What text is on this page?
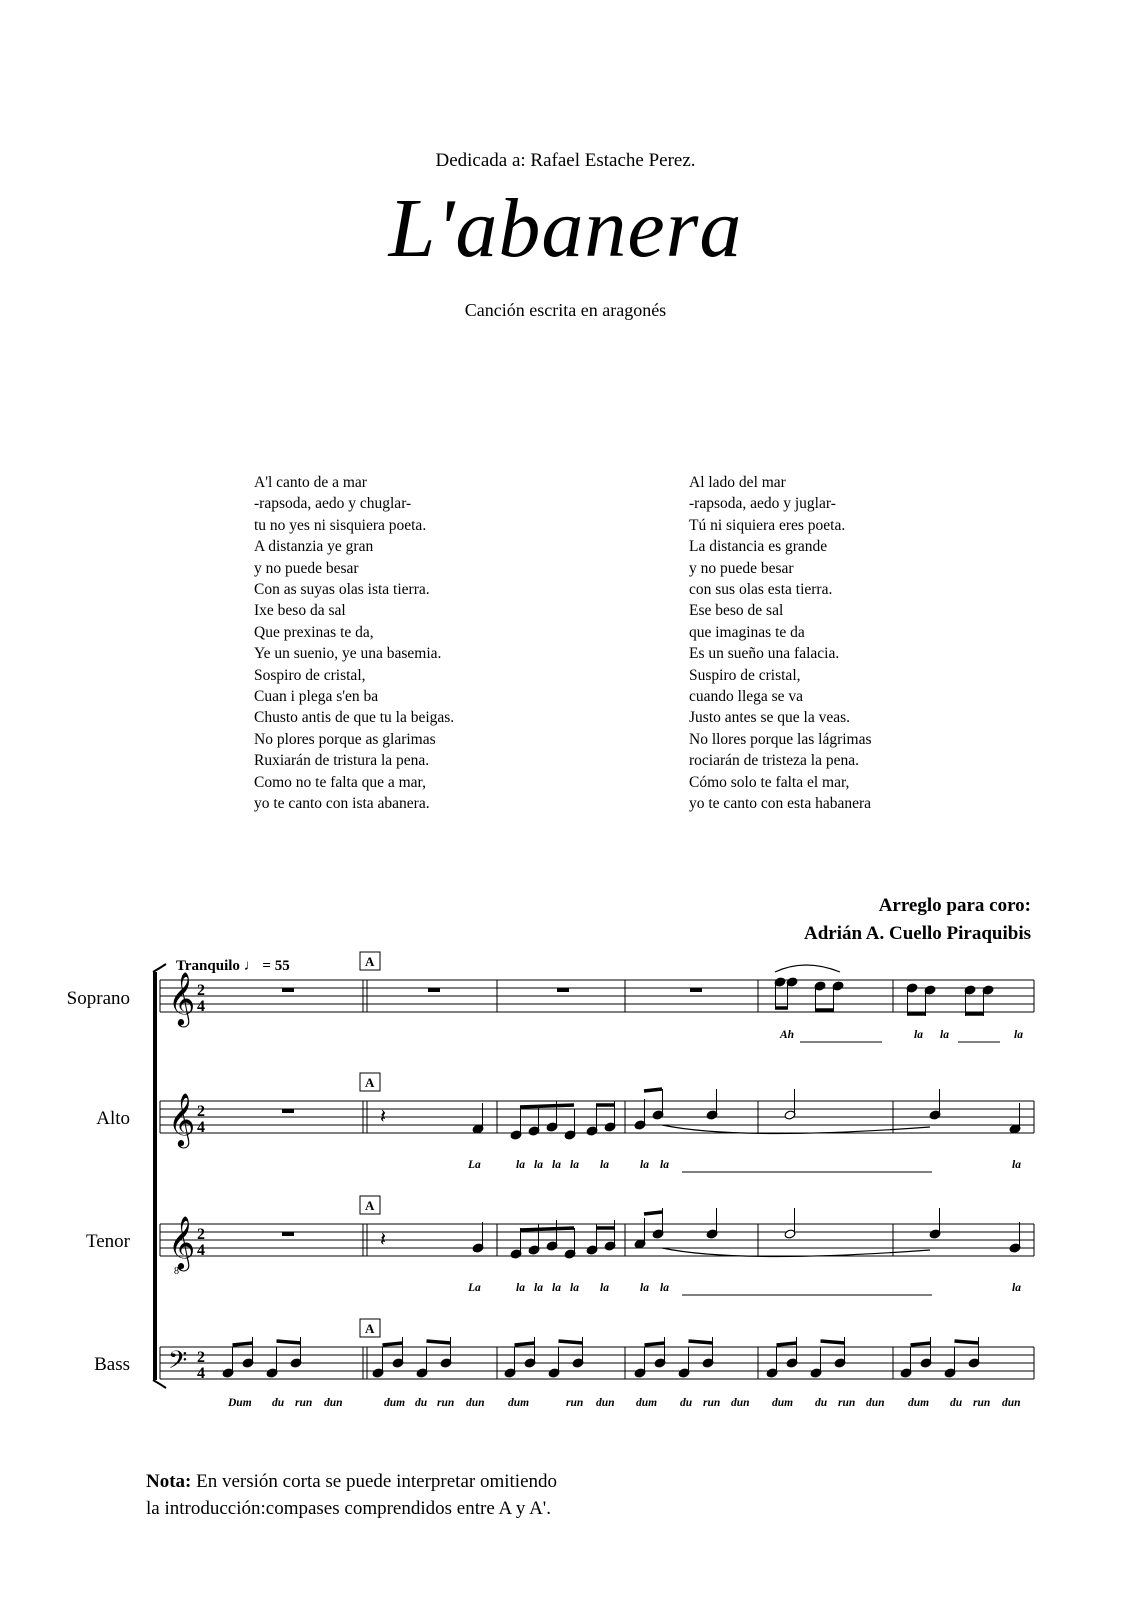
Dedicada a: Rafael Estache Perez.
L'abanera
Canción escrita en aragonés
A'l canto de a mar
-rapsoda, aedo y chuglar-
tu no yes ni sisquiera poeta.
A distanzia ye gran
y no puede besar
Con as suyas olas ista tierra.
Ixe beso da sal
Que prexinas te da,
Ye un suenio, ye una basemia.
Sospiro de cristal,
Cuan i plega s'en ba
Chusto antis de que tu la beigas.
No plores porque as glarimas
Ruxiarán de tristura la pena.
Como no te falta que a mar,
yo te canto con ista abanera.
Al lado del mar
-rapsoda, aedo y juglar-
Tú ni siquiera eres poeta.
La distancia es grande
y no puede besar
con sus olas esta tierra.
Ese beso de sal
que imaginas te da
Es un sueño una falacia.
Suspiro de cristal,
cuando llega se va
Justo antes se que la veas.
No llores porque las lágrimas
rociarán de tristeza la pena.
Cómo solo te falta el mar,
yo te canto con esta habanera
Arreglo para coro:
Adrián A. Cuello Piraquibis
Tranquilo ♩ = 55
Soprano
Alto
Tenor
Bass
𝄞 2
4
A
𝄞 2
4
A
𝄞
8
2
4
A
𝄢 2
4
A
𝄽
𝄽
Nota: En versión corta se puede interpretar omitiendo
la introducción:compases comprendidos entre A y A'.
Ah	la la	la
La	la la la la la	la la	la
La	la la la la la	la la	la
Dum du run dun	dum du run dun dum	run dun dum du run dun dum du run dun dum du run dun
